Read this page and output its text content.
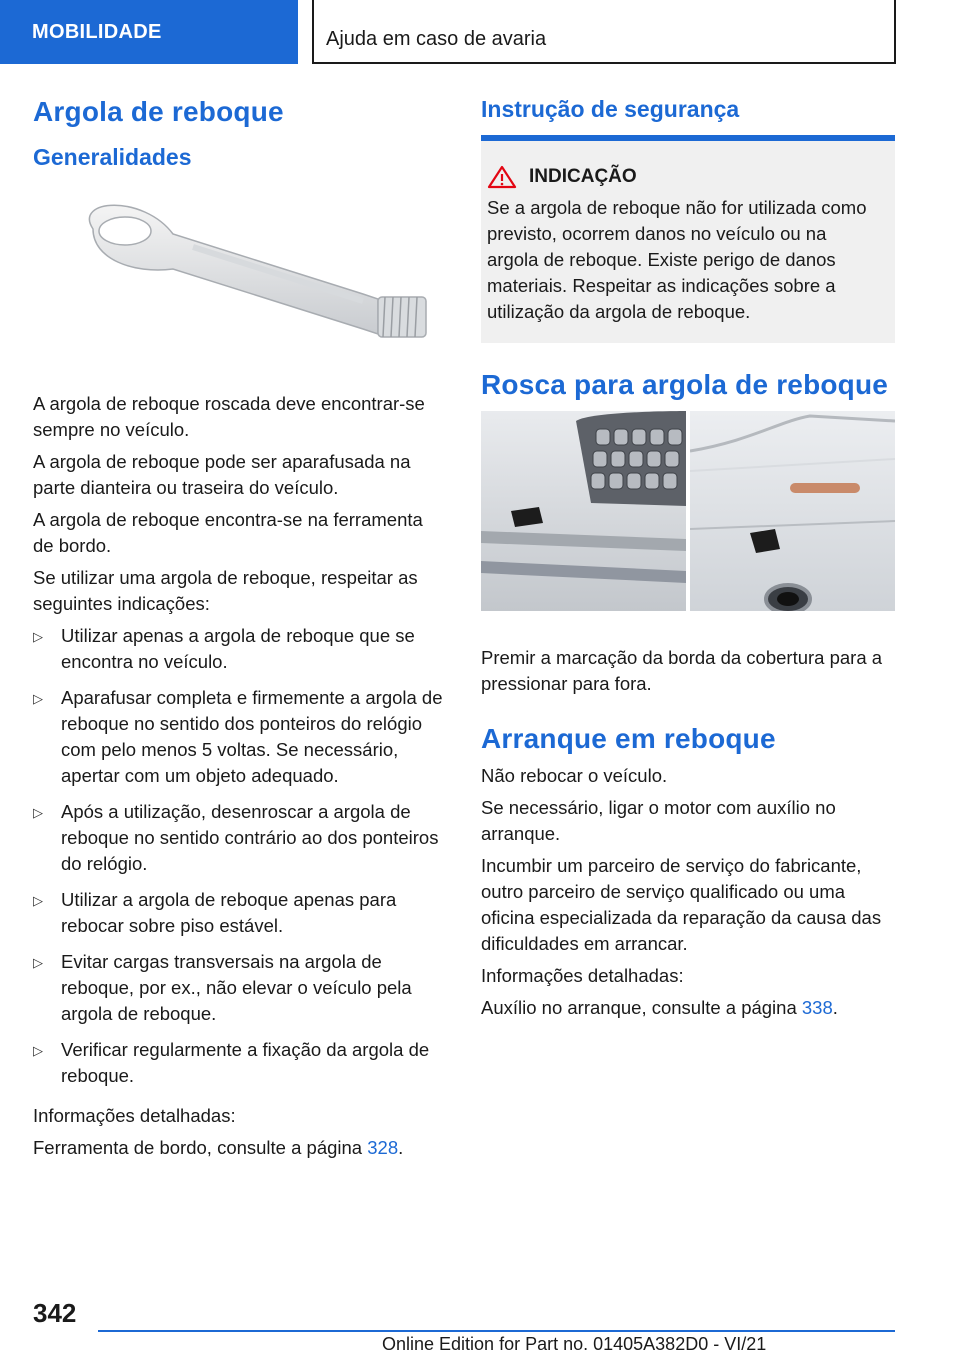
MOBILIDADE	Ajuda em caso de avaria
Argola de reboque
Generalidades

A argola de reboque roscada deve encontrar-se sempre no veículo.

A argola de reboque pode ser aparafusada na parte dianteira ou traseira do veículo.

A argola de reboque encontra-se na ferramenta de bordo.

Se utilizar uma argola de reboque, respeitar as seguintes indicações:

▷ Utilizar apenas a argola de reboque que se encontra no veículo.
▷ Aparafusar completa e firmemente a argola de reboque no sentido dos ponteiros do relógio com pelo menos 5 voltas. Se necessário, apertar com um objeto adequado.
▷ Após a utilização, desenroscar a argola de reboque no sentido contrário ao dos ponteiros do relógio.
▷ Utilizar a argola de reboque apenas para rebocar sobre piso estável.
▷ Evitar cargas transversais na argola de reboque, por ex., não elevar o veículo pela argola de reboque.
▷ Verificar regularmente a fixação da argola de reboque.

Informações detalhadas:

Ferramenta de bordo, consulte a página 328.

Instrução de segurança
INDICAÇÃO

Se a argola de reboque não for utilizada como previsto, ocorrem danos no veículo ou na argola de reboque. Existe perigo de danos materiais. Respeitar as indicações sobre a utilização da argola de reboque.

Rosca para argola de reboque

Premir a marcação da borda da cobertura para a pressionar para fora.

Arranque em reboque

Não rebocar o veículo.

Se necessário, ligar o motor com auxílio no arranque.

Incumbir um parceiro de serviço do fabricante, outro parceiro de serviço qualificado ou uma oficina especializada da reparação da causa das dificuldades em arrancar.

Informações detalhadas:

Auxílio no arranque, consulte a página 338.

342
Online Edition for Part no. 01405A382D0 - VI/21
